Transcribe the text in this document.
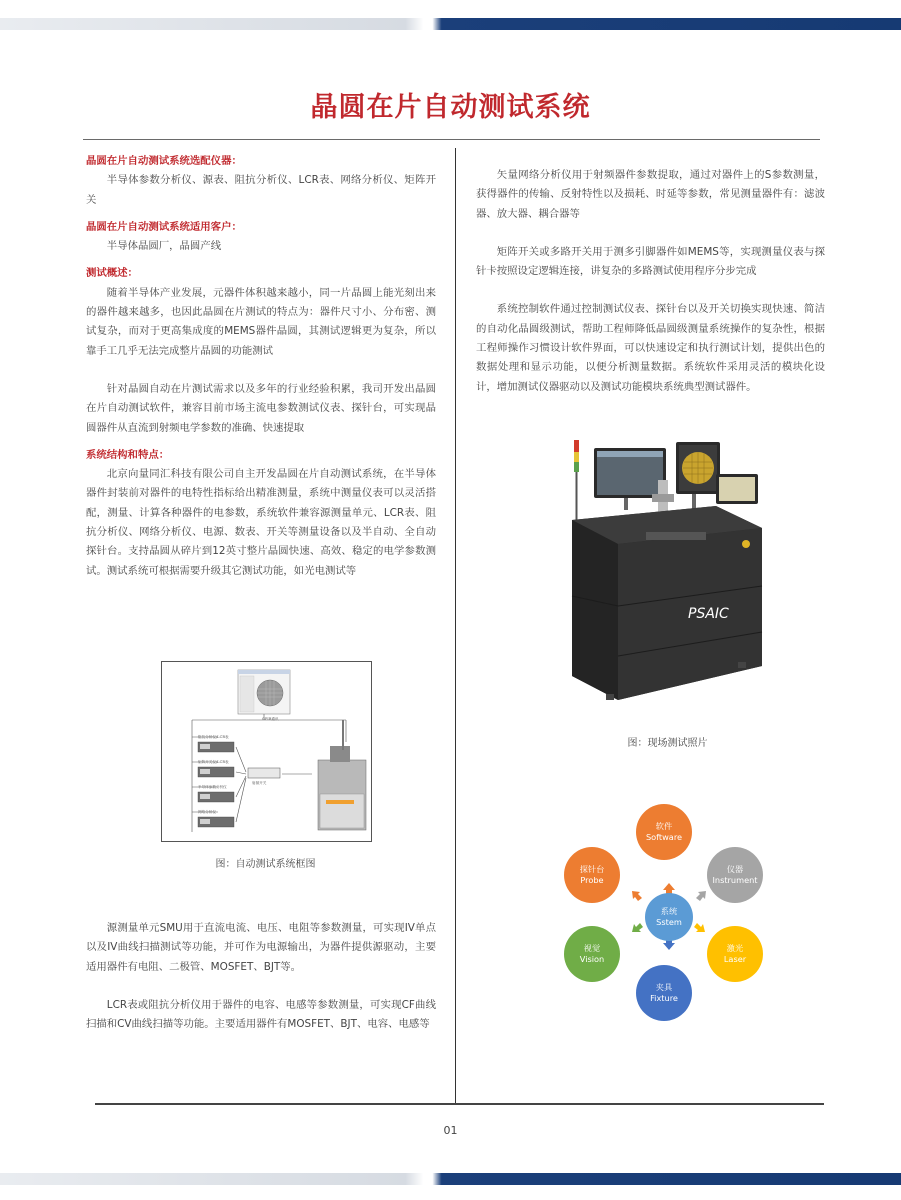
晶圆在片自动测试系统
晶圆在片自动测试系统选配仪器：

半导体参数分析仪、源表、阻抗分析仪、LCR表、网络分析仪、矩阵开关

晶圆在片自动测试系统适用客户：

半导体晶圆厂，晶圆产线

测试概述：

随着半导体产业发展，元器件体积越来越小，同一片晶圆上能光刻出来的器件越来越多，也因此晶圆在片测试的特点为：器件尺寸小、分布密、测试复杂，而对于更高集成度的MEMS器件晶圆，其测试逻辑更为复杂，所以靠手工几乎无法完成整片晶圆的功能测试

针对晶圆自动在片测试需求以及多年的行业经验积累，我司开发出晶圆在片自动测试软件，兼容目前市场主流电参数测试仪表、探针台，可实现晶圆器件从直流到射频电学参数的准确、快速提取

系统结构和特点：

北京向量同汇科技有限公司自主开发晶圆在片自动测试系统，在半导体器件封装前对器件的电特性指标给出精准测量，系统中测量仪表可以灵活搭配，测量、计算各种器件的电参数，系统软件兼容源测量单元、LCR表、阻抗分析仪、网络分析仪、电源、数表、开关等测量设备以及半自动、全自动探针台。支持晶圆从碎片到12英寸整片晶圆快速、高效、稳定的电学参数测试。测试系统可根据需要升级其它测试功能，如光电测试等

GPIB通讯
射频开关
阻抗分析仪/LCR表
矩阵开关仪/LCR表
半导体参数分析仪
网络分析仪
图：自动测试系统框图

源测量单元SMU用于直流电流、电压、电阻等参数测量，可实现IV单点以及IV曲线扫描测试等功能，并可作为电源输出，为器件提供源驱动，主要适用器件有电阻、二极管、MOSFET、BJT等。

LCR表或阻抗分析仪用于器件的电容、电感等参数测量，可实现CF曲线扫描和CV曲线扫描等功能。主要适用器件有MOSFET、BJT、电容、电感等

矢量网络分析仪用于射频器件参数提取，通过对器件上的S参数测量，获得器件的传输、反射特性以及损耗、时延等参数，常见测量器件有：滤波器、放大器、耦合器等

矩阵开关或多路开关用于测多引脚器件如MEMS等，实现测量仪表与探针卡按照设定逻辑连接，讲复杂的多路测试使用程序分步完成

系统控制软件通过控制测试仪表、探针台以及开关切换实现快速、简洁的自动化晶圆级测试，帮助工程师降低晶圆级测量系统操作的复杂性，根据工程师操作习惯设计软件界面，可以快速设定和执行测试计划，提供出色的数据处理和显示功能，以便分析测量数据。系统软件采用灵活的模块化设计，增加测试仪器驱动以及测试功能模块系统典型测试器件。

PSAIC
图：现场测试照片
系统
Sstem
软件
Software
仪器
Instrument
激光
Laser
夹具
Fixture
视觉
Vision
探针台
Probe
01
